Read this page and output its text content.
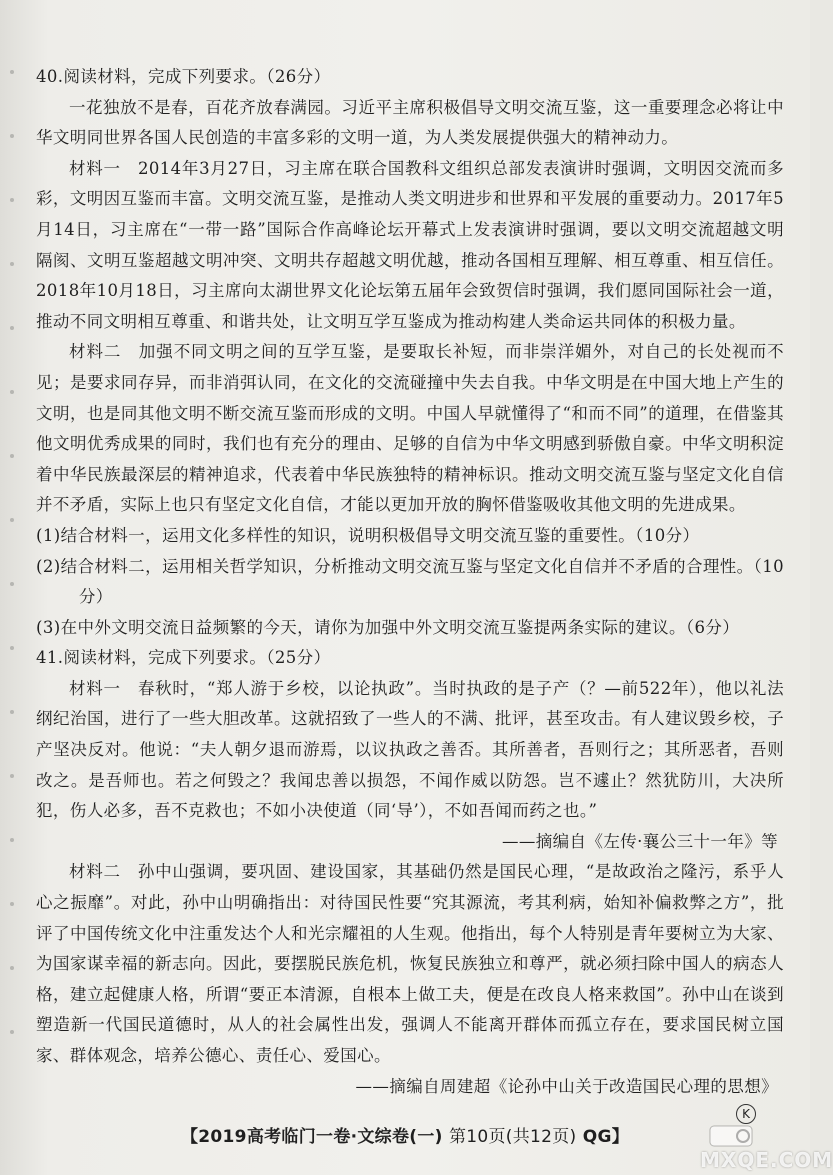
40.阅读材料，完成下列要求。（26分）

一花独放不是春，百花齐放春满园。习近平主席积极倡导文明交流互鉴，这一重要理念必将让中华文明同世界各国人民创造的丰富多彩的文明一道，为人类发展提供强大的精神动力。

材料一　2014年3月27日，习主席在联合国教科文组织总部发表演讲时强调，文明因交流而多彩，文明因互鉴而丰富。文明交流互鉴，是推动人类文明进步和世界和平发展的重要动力。2017年5月14日，习主席在“一带一路”国际合作高峰论坛开幕式上发表演讲时强调，要以文明交流超越文明隔阂、文明互鉴超越文明冲突、文明共存超越文明优越，推动各国相互理解、相互尊重、相互信任。2018年10月18日，习主席向太湖世界文化论坛第五届年会致贺信时强调，我们愿同国际社会一道，推动不同文明相互尊重、和谐共处，让文明互学互鉴成为推动构建人类命运共同体的积极力量。

材料二　加强不同文明之间的互学互鉴，是要取长补短，而非崇洋媚外，对自己的长处视而不见；是要求同存异，而非消弭认同，在文化的交流碰撞中失去自我。中华文明是在中国大地上产生的文明，也是同其他文明不断交流互鉴而形成的文明。中国人早就懂得了“和而不同”的道理，在借鉴其他文明优秀成果的同时，我们也有充分的理由、足够的自信为中华文明感到骄傲自豪。中华文明积淀着中华民族最深层的精神追求，代表着中华民族独特的精神标识。推动文明交流互鉴与坚定文化自信并不矛盾，实际上也只有坚定文化自信，才能以更加开放的胸怀借鉴吸收其他文明的先进成果。

(1)结合材料一，运用文化多样性的知识，说明积极倡导文明交流互鉴的重要性。（10分）

(2)结合材料二，运用相关哲学知识，分析推动文明交流互鉴与坚定文化自信并不矛盾的合理性。（10分）

(3)在中外文明交流日益频繁的今天，请你为加强中外文明交流互鉴提两条实际的建议。（6分）

41.阅读材料，完成下列要求。（25分）

材料一　春秋时，“郑人游于乡校，以论执政”。当时执政的是子产（？—前522年），他以礼法纲纪治国，进行了一些大胆改革。这就招致了一些人的不满、批评，甚至攻击。有人建议毁乡校，子产坚决反对。他说：“夫人朝夕退而游焉，以议执政之善否。其所善者，吾则行之；其所恶者，吾则改之。是吾师也。若之何毁之？我闻忠善以损怨，不闻作威以防怨。岂不遽止？然犹防川，大决所犯，伤人必多，吾不克救也；不如小决使道（同‘导’），不如吾闻而药之也。”

——摘编自《左传·襄公三十一年》等

材料二　孙中山强调，要巩固、建设国家，其基础仍然是国民心理，“是故政治之隆污，系乎人心之振靡”。对此，孙中山明确指出：对待国民性要“究其源流，考其利病，始知补偏救弊之方”，批评了中国传统文化中注重发达个人和光宗耀祖的人生观。他指出，每个人特别是青年要树立为大家、为国家谋幸福的新志向。因此，要摆脱民族危机，恢复民族独立和尊严，就必须扫除中国人的病态人格，建立起健康人格，所谓“要正本清源，自根本上做工夫，便是在改良人格来救国”。孙中山在谈到塑造新一代国民道德时，从人的社会属性出发，强调人不能离开群体而孤立存在，要求国民树立国家、群体观念，培养公德心、责任心、爱国心。

——摘编自周建超《论孙中山关于改造国民心理的思想》

K
【2019高考临门一卷·文综卷(一) 第10页(共12页) QG】
MXQE.COM
